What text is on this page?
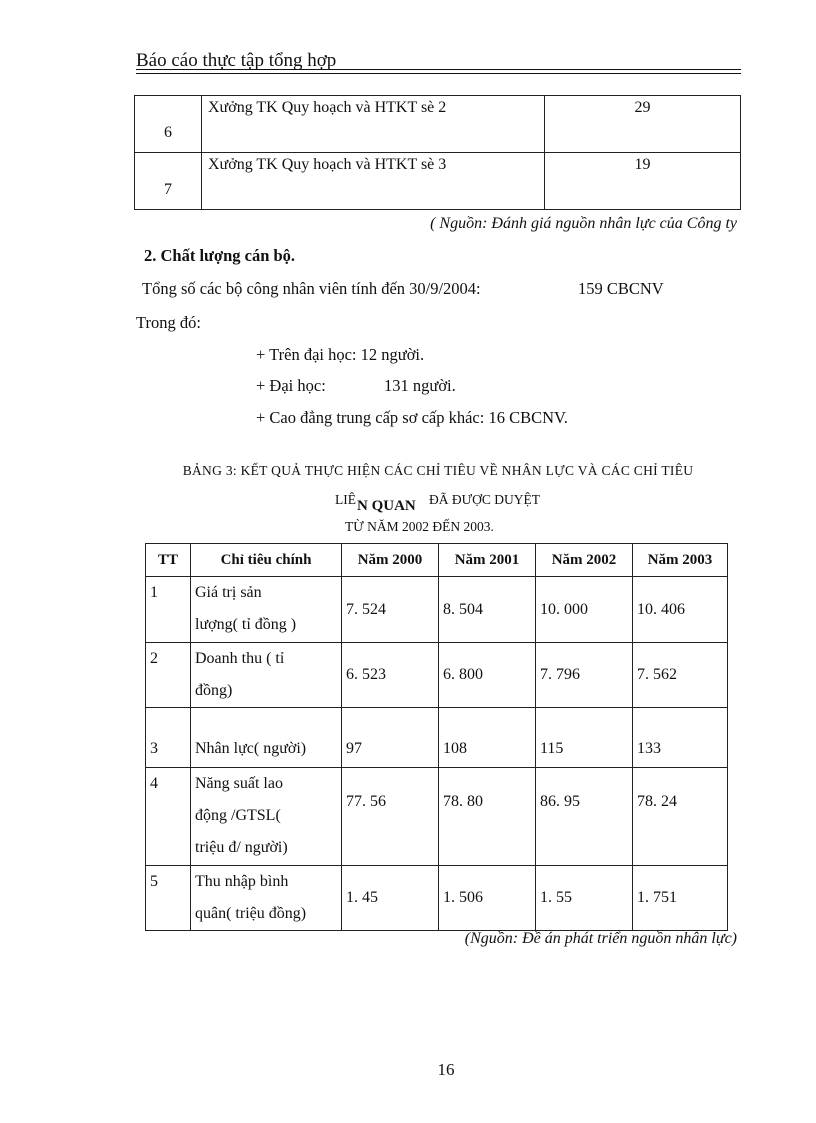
Báo cáo thực tập tổng hợp
6	Xưởng TK Quy hoạch và HTKT sè 2	29

7	Xưởng TK Quy hoạch và HTKT sè 3	19
( Nguồn: Đánh giá nguồn nhân lực của Công ty
2. Chất lượng cán bộ.
Tổng số các bộ công nhân viên tính đến 30/9/2004:	159 CBCNV
Trong đó:
+ Trên đại học: 12 người.
+ Đại học:	131 người.
+ Cao đẳng trung cấp sơ cấp khác: 16 CBCNV.
BẢNG 3: KẾT QUẢ THỰC HIỆN CÁC CHỈ TIÊU VỀ NHÂN LỰC VÀ CÁC CHỈ TIÊU
LIÊ N QUAN ĐÃ ĐƯỢC DUYỆT
TỪ NĂM 2002 ĐẾN 2003.
TT	Chỉ tiêu chính	Năm 2000	Năm 2001	Năm 2002	Năm 2003
1	Giá trị sản
lượng( tỉ đồng )	7. 524	8. 504	10. 000	10. 406
2	Doanh thu ( tỉ
đồng)	6. 523	6. 800	7. 796	7. 562
3	Nhân lực( người)	97	108	115	133
4	Năng suất lao
động /GTSL(
triệu đ/ người)	77. 56	78. 80	86. 95	78. 24
5	Thu nhập bình
quân( triệu đồng)	1. 45	1. 506	1. 55	1. 751
(Nguồn: Đề án phát triển nguồn nhân lực)
16
